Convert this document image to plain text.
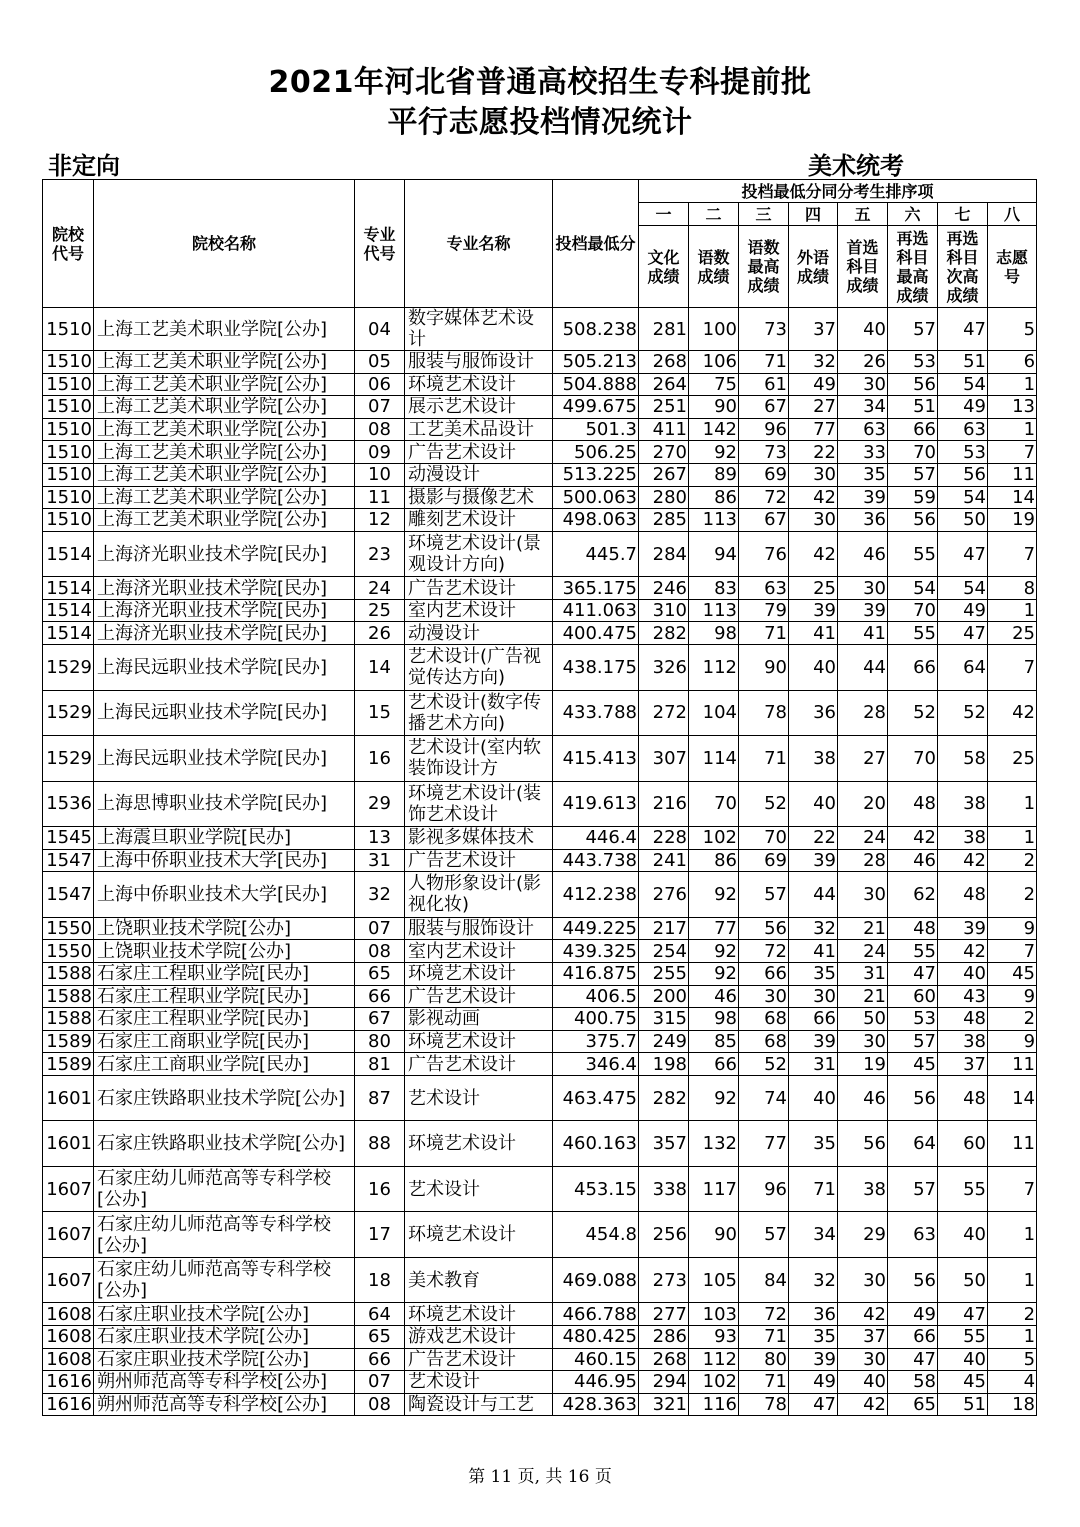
2021年河北省普通高校招生专科提前批
平行志愿投档情况统计
非定向	美术统考
院校代号	院校名称	专业代号	专业名称	投档最低分	投档最低分同分考生排序项							
					一	二	三	四	五	六	七	八
					文化成绩	语数成绩	语数最高成绩	外语成绩	首选科目成绩	再选科目最高成绩	再选科目次高成绩	志愿号
1510	上海工艺美术职业学院[公办]	04	数字媒体艺术设计	508.238	281	100	73	37	40	57	47	5
1510	上海工艺美术职业学院[公办]	05	服装与服饰设计	505.213	268	106	71	32	26	53	51	6
1510	上海工艺美术职业学院[公办]	06	环境艺术设计	504.888	264	75	61	49	30	56	54	1
1510	上海工艺美术职业学院[公办]	07	展示艺术设计	499.675	251	90	67	27	34	51	49	13
1510	上海工艺美术职业学院[公办]	08	工艺美术品设计	501.3	411	142	96	77	63	66	63	1
1510	上海工艺美术职业学院[公办]	09	广告艺术设计	506.25	270	92	73	22	33	70	53	7
1510	上海工艺美术职业学院[公办]	10	动漫设计	513.225	267	89	69	30	35	57	56	11
1510	上海工艺美术职业学院[公办]	11	摄影与摄像艺术	500.063	280	86	72	42	39	59	54	14
1510	上海工艺美术职业学院[公办]	12	雕刻艺术设计	498.063	285	113	67	30	36	56	50	19
1514	上海济光职业技术学院[民办]	23	环境艺术设计(景观设计方向)	445.7	284	94	76	42	46	55	47	7
1514	上海济光职业技术学院[民办]	24	广告艺术设计	365.175	246	83	63	25	30	54	54	8
1514	上海济光职业技术学院[民办]	25	室内艺术设计	411.063	310	113	79	39	39	70	49	1
1514	上海济光职业技术学院[民办]	26	动漫设计	400.475	282	98	71	41	41	55	47	25
1529	上海民远职业技术学院[民办]	14	艺术设计(广告视觉传达方向)	438.175	326	112	90	40	44	66	64	7
1529	上海民远职业技术学院[民办]	15	艺术设计(数字传播艺术方向)	433.788	272	104	78	36	28	52	52	42
1529	上海民远职业技术学院[民办]	16	艺术设计(室内软装饰设计方	415.413	307	114	71	38	27	70	58	25
1536	上海思博职业技术学院[民办]	29	环境艺术设计(装饰艺术设计	419.613	216	70	52	40	20	48	38	1
1545	上海震旦职业学院[民办]	13	影视多媒体技术	446.4	228	102	70	22	24	42	38	1
1547	上海中侨职业技术大学[民办]	31	广告艺术设计	443.738	241	86	69	39	28	46	42	2
1547	上海中侨职业技术大学[民办]	32	人物形象设计(影视化妆)	412.238	276	92	57	44	30	62	48	2
1550	上饶职业技术学院[公办]	07	服装与服饰设计	449.225	217	77	56	32	21	48	39	9
1550	上饶职业技术学院[公办]	08	室内艺术设计	439.325	254	92	72	41	24	55	42	7
1588	石家庄工程职业学院[民办]	65	环境艺术设计	416.875	255	92	66	35	31	47	40	45
1588	石家庄工程职业学院[民办]	66	广告艺术设计	406.5	200	46	30	30	21	60	43	9
1588	石家庄工程职业学院[民办]	67	影视动画	400.75	315	98	68	66	50	53	48	2
1589	石家庄工商职业学院[民办]	80	环境艺术设计	375.7	249	85	68	39	30	57	38	9
1589	石家庄工商职业学院[民办]	81	广告艺术设计	346.4	198	66	52	31	19	45	37	11
1601	石家庄铁路职业技术学院[公办]	87	艺术设计	463.475	282	92	74	40	46	56	48	14
1601	石家庄铁路职业技术学院[公办]	88	环境艺术设计	460.163	357	132	77	35	56	64	60	11
1607	石家庄幼儿师范高等专科学校[公办]	16	艺术设计	453.15	338	117	96	71	38	57	55	7
1607	石家庄幼儿师范高等专科学校[公办]	17	环境艺术设计	454.8	256	90	57	34	29	63	40	1
1607	石家庄幼儿师范高等专科学校[公办]	18	美术教育	469.088	273	105	84	32	30	56	50	1
1608	石家庄职业技术学院[公办]	64	环境艺术设计	466.788	277	103	72	36	42	49	47	2
1608	石家庄职业技术学院[公办]	65	游戏艺术设计	480.425	286	93	71	35	37	66	55	1
1608	石家庄职业技术学院[公办]	66	广告艺术设计	460.15	268	112	80	39	30	47	40	5
1616	朔州师范高等专科学校[公办]	07	艺术设计	446.95	294	102	71	49	40	58	45	4
1616	朔州师范高等专科学校[公办]	08	陶瓷设计与工艺	428.363	321	116	78	47	42	65	51	18
第 11 页, 共 16 页
